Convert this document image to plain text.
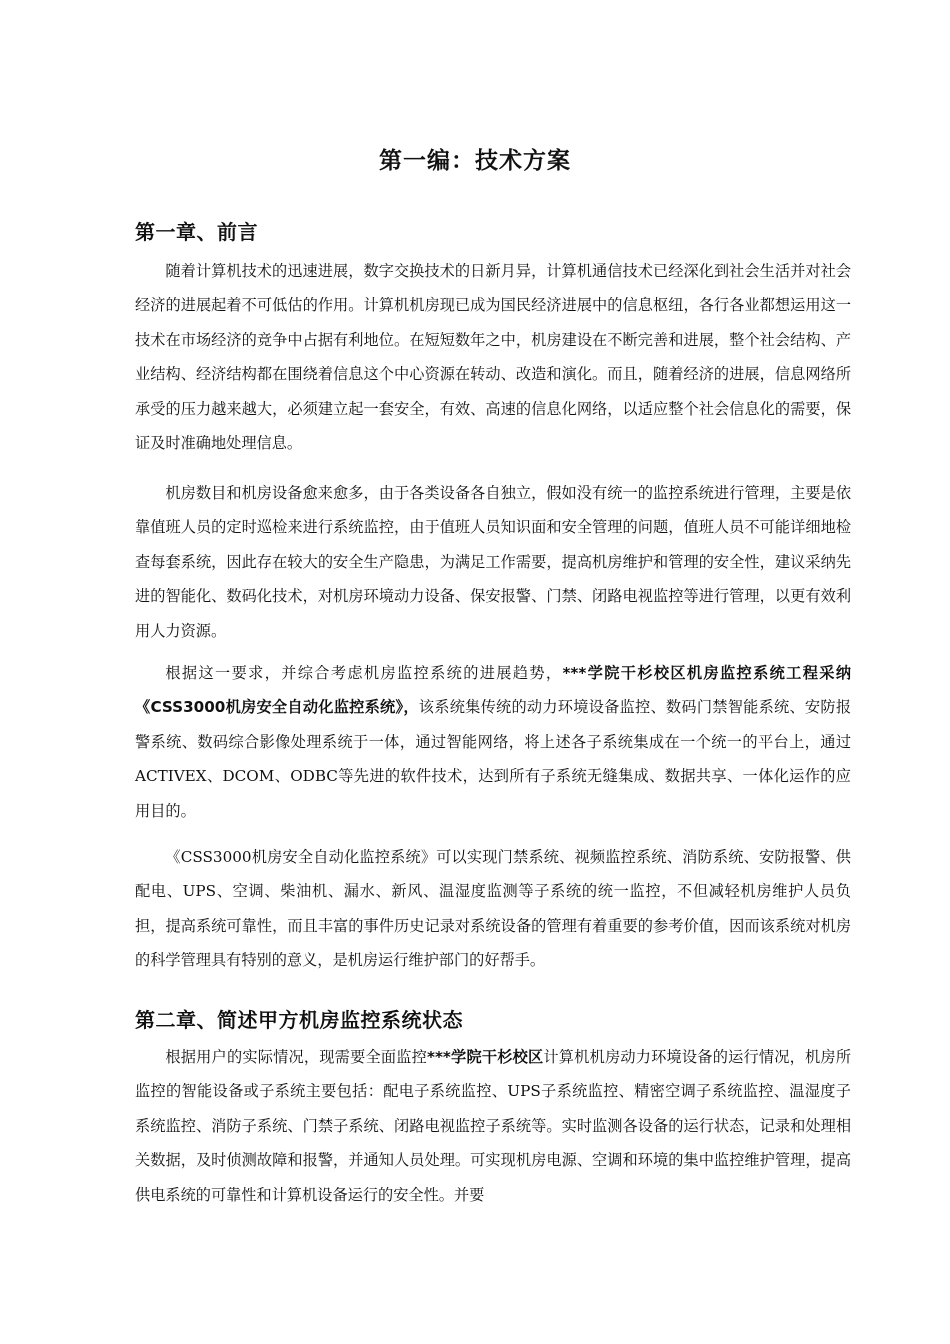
第一编：技术方案
第一章、前言

随着计算机技术的迅速进展，数字交换技术的日新月异，计算机通信技术已经深化到社会生活并对社会经济的进展起着不可低估的作用。计算机机房现已成为国民经济进展中的信息枢纽，各行各业都想运用这一技术在市场经济的竞争中占据有利地位。在短短数年之中，机房建设在不断完善和进展，整个社会结构、产业结构、经济结构都在围绕着信息这个中心资源在转动、改造和演化。而且，随着经济的进展，信息网络所承受的压力越来越大，必须建立起一套安全，有效、高速的信息化网络，以适应整个社会信息化的需要，保证及时准确地处理信息。

机房数目和机房设备愈来愈多，由于各类设备各自独立，假如没有统一的监控系统进行管理，主要是依靠值班人员的定时巡检来进行系统监控，由于值班人员知识面和安全管理的问题，值班人员不可能详细地检查每套系统，因此存在较大的安全生产隐患，为满足工作需要，提高机房维护和管理的安全性，建议采纳先进的智能化、数码化技术，对机房环境动力设备、保安报警、门禁、闭路电视监控等进行管理，以更有效利用人力资源。

根据这一要求，并综合考虑机房监控系统的进展趋势，***学院干杉校区机房监控系统工程采纳《CSS3000机房安全自动化监控系统》，该系统集传统的动力环境设备监控、数码门禁智能系统、安防报警系统、数码综合影像处理系统于一体，通过智能网络，将上述各子系统集成在一个统一的平台上，通过ACTIVEX、DCOM、ODBC等先进的软件技术，达到所有子系统无缝集成、数据共享、一体化运作的应用目的。

《CSS3000机房安全自动化监控系统》可以实现门禁系统、视频监控系统、消防系统、安防报警、供配电、UPS、空调、柴油机、漏水、新风、温湿度监测等子系统的统一监控，不但减轻机房维护人员负担，提高系统可靠性，而且丰富的事件历史记录对系统设备的管理有着重要的参考价值，因而该系统对机房的科学管理具有特别的意义，是机房运行维护部门的好帮手。

第二章、简述甲方机房监控系统状态

根据用户的实际情况，现需要全面监控***学院干杉校区计算机机房动力环境设备的运行情况，机房所监控的智能设备或子系统主要包括：配电子系统监控、UPS子系统监控、精密空调子系统监控、温湿度子系统监控、消防子系统、门禁子系统、闭路电视监控子系统等。实时监测各设备的运行状态，记录和处理相关数据，及时侦测故障和报警，并通知人员处理。可实现机房电源、空调和环境的集中监控维护管理，提高供电系统的可靠性和计算机设备运行的安全性。并要
